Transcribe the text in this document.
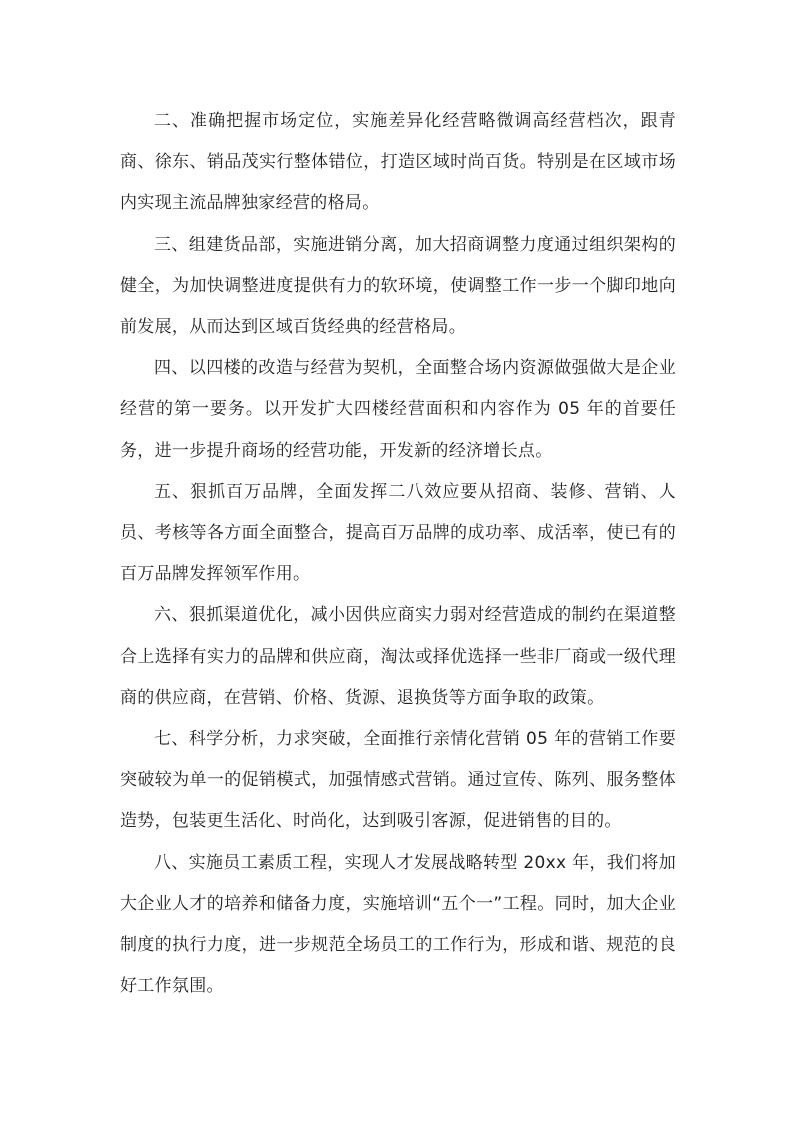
二、准确把握市场定位，实施差异化经营略微调高经营档次，跟青商、徐东、销品茂实行整体错位，打造区域时尚百货。特别是在区域市场内实现主流品牌独家经营的格局。

三、组建货品部，实施进销分离，加大招商调整力度通过组织架构的健全，为加快调整进度提供有力的软环境，使调整工作一步一个脚印地向前发展，从而达到区域百货经典的经营格局。

四、以四楼的改造与经营为契机，全面整合场内资源做强做大是企业经营的第一要务。以开发扩大四楼经营面积和内容作为 05 年的首要任务，进一步提升商场的经营功能，开发新的经济增长点。

五、狠抓百万品牌，全面发挥二八效应要从招商、装修、营销、人员、考核等各方面全面整合，提高百万品牌的成功率、成活率，使已有的百万品牌发挥领军作用。

六、狠抓渠道优化，减小因供应商实力弱对经营造成的制约在渠道整合上选择有实力的品牌和供应商，淘汰或择优选择一些非厂商或一级代理商的供应商，在营销、价格、货源、退换货等方面争取的政策。

七、科学分析，力求突破，全面推行亲情化营销 05 年的营销工作要突破较为单一的促销模式，加强情感式营销。通过宣传、陈列、服务整体造势，包装更生活化、时尚化，达到吸引客源，促进销售的目的。

八、实施员工素质工程，实现人才发展战略转型 20xx 年，我们将加大企业人才的培养和储备力度，实施培训“五个一”工程。同时，加大企业制度的执行力度，进一步规范全场员工的工作行为，形成和谐、规范的良好工作氛围。
